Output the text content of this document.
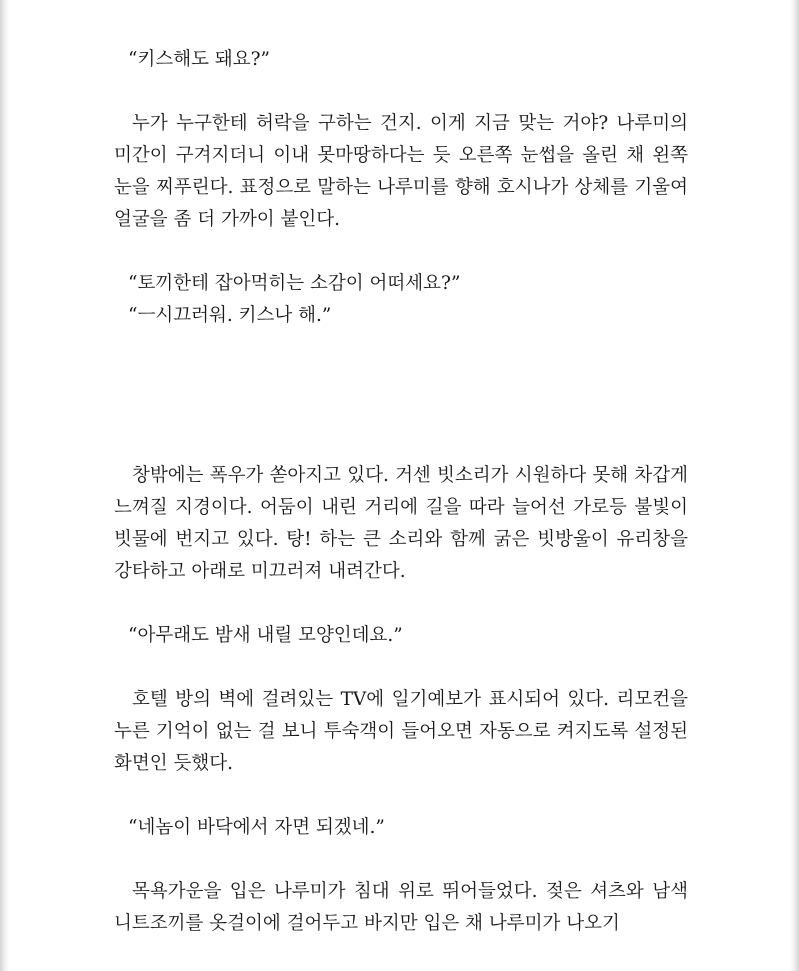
“키스해도 돼요?”

누가 누구한테 허락을 구하는 건지. 이게 지금 맞는 거야? 나루미의 미간이 구겨지더니 이내 못마땅하다는 듯 오른쪽 눈썹을 올린 채 왼쪽 눈을 찌푸린다. 표정으로 말하는 나루미를 향해 호시나가 상체를 기울여 얼굴을 좀 더 가까이 붙인다.

“토끼한테 잡아먹히는 소감이 어떠세요?”

“ㅡ시끄러워. 키스나 해.”

창밖에는 폭우가 쏟아지고 있다. 거센 빗소리가 시원하다 못해 차갑게 느껴질 지경이다. 어둠이 내린 거리에 길을 따라 늘어선 가로등 불빛이 빗물에 번지고 있다. 탕! 하는 큰 소리와 함께 굵은 빗방울이 유리창을 강타하고 아래로 미끄러져 내려간다.

“아무래도 밤새 내릴 모양인데요.”

호텔 방의 벽에 걸려있는 TV에 일기예보가 표시되어 있다. 리모컨을 누른 기억이 없는 걸 보니 투숙객이 들어오면 자동으로 켜지도록 설정된 화면인 듯했다.

“네놈이 바닥에서 자면 되겠네.”

목욕가운을 입은 나루미가 침대 위로 뛰어들었다. 젖은 셔츠와 남색 니트조끼를 옷걸이에 걸어두고 바지만 입은 채 나루미가 나오기
